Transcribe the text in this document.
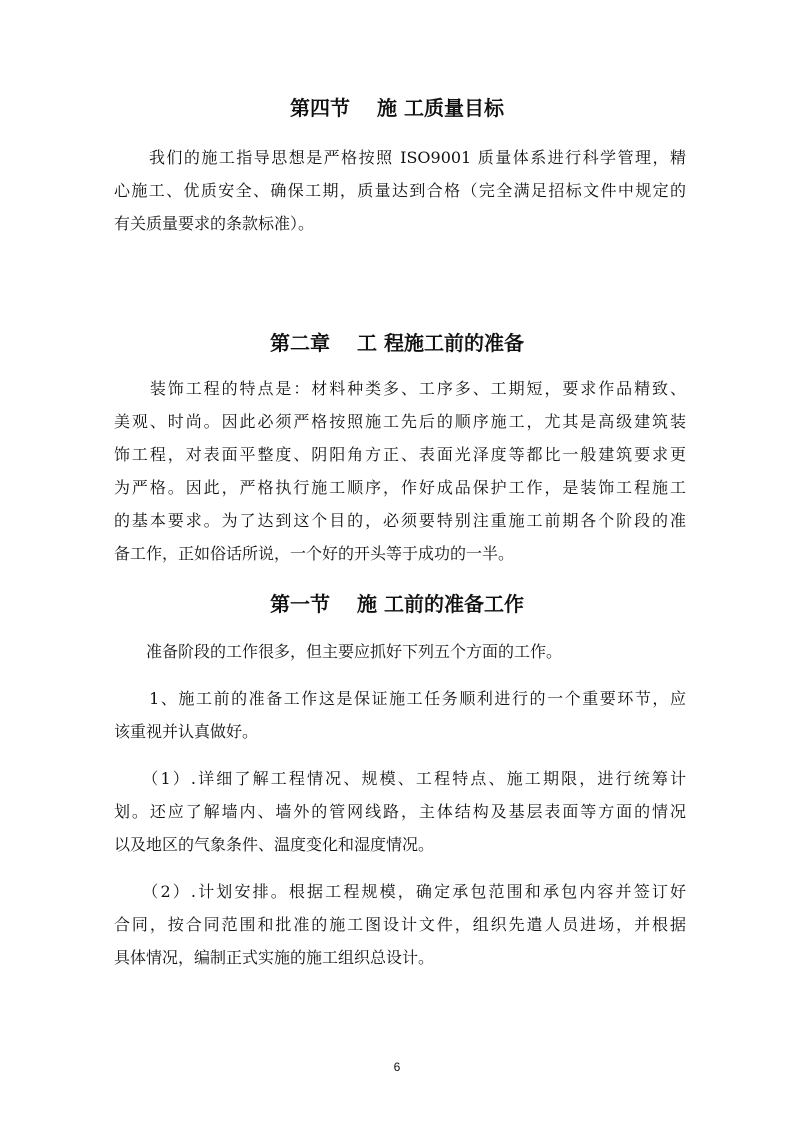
第四节　 施 工质量目标
　　我们的施工指导思想是严格按照 ISO9001 质量体系进行科学管理，精
心施工、优质安全、确保工期，质量达到合格（完全满足招标文件中规定的
有关质量要求的条款标准）。
第二章　 工 程施工前的准备
　　装饰工程的特点是：材料种类多、工序多、工期短，要求作品精致、
美观、时尚。因此必须严格按照施工先后的顺序施工，尤其是高级建筑装
饰工程，对表面平整度、阴阳角方正、表面光泽度等都比一般建筑要求更
为严格。因此，严格执行施工顺序，作好成品保护工作，是装饰工程施工
的基本要求。为了达到这个目的，必须要特别注重施工前期各个阶段的准
备工作，正如俗话所说，一个好的开头等于成功的一半。
第一节　 施 工前的准备工作
　　准备阶段的工作很多，但主要应抓好下列五个方面的工作。
　　1、施工前的准备工作这是保证施工任务顺利进行的一个重要环节，应
该重视并认真做好。
　　（1）.详细了解工程情况、规模、工程特点、施工期限，进行统筹计
划。还应了解墙内、墙外的管网线路，主体结构及基层表面等方面的情况
以及地区的气象条件、温度变化和湿度情况。
　　（2）.计划安排。根据工程规模，确定承包范围和承包内容并签订好
合同，按合同范围和批准的施工图设计文件，组织先遣人员进场，并根据
具体情况，编制正式实施的施工组织总设计。
6
